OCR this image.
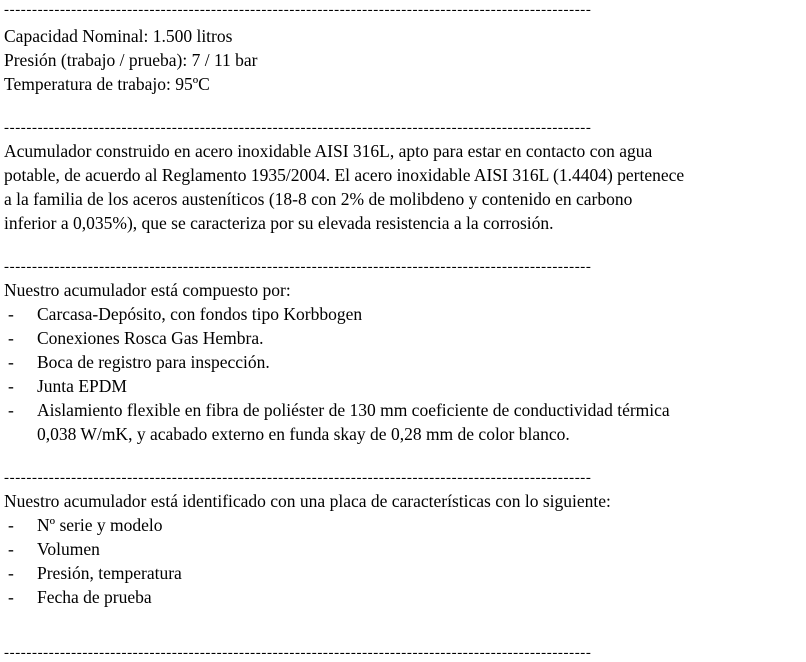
---------------------------------------------------------------------------------------------------------
Capacidad Nominal: 1.500 litros
Presión (trabajo / prueba): 7 / 11 bar
Temperatura de trabajo: 95ºC
---------------------------------------------------------------------------------------------------------
Acumulador construido en acero inoxidable AISI 316L, apto para estar en contacto con agua
potable, de acuerdo al Reglamento 1935/2004. El acero inoxidable AISI 316L (1.4404) pertenece
a la familia de los aceros austeníticos (18-8 con 2% de molibdeno y contenido en carbono
inferior a 0,035%), que se caracteriza por su elevada resistencia a la corrosión.
---------------------------------------------------------------------------------------------------------
Nuestro acumulador está compuesto por:
-	Carcasa-Depósito, con fondos tipo Korbbogen
-	Conexiones Rosca Gas Hembra.
-	Boca de registro para inspección.
-	Junta EPDM
-	Aislamiento flexible en fibra de poliéster de 130 mm coeficiente de conductividad térmica
0,038 W/mK, y acabado externo en funda skay de 0,28 mm de color blanco.
---------------------------------------------------------------------------------------------------------
Nuestro acumulador está identificado con una placa de características con lo siguiente:
-	Nº serie y modelo
-	Volumen
-	Presión, temperatura
-	Fecha de prueba
---------------------------------------------------------------------------------------------------------
